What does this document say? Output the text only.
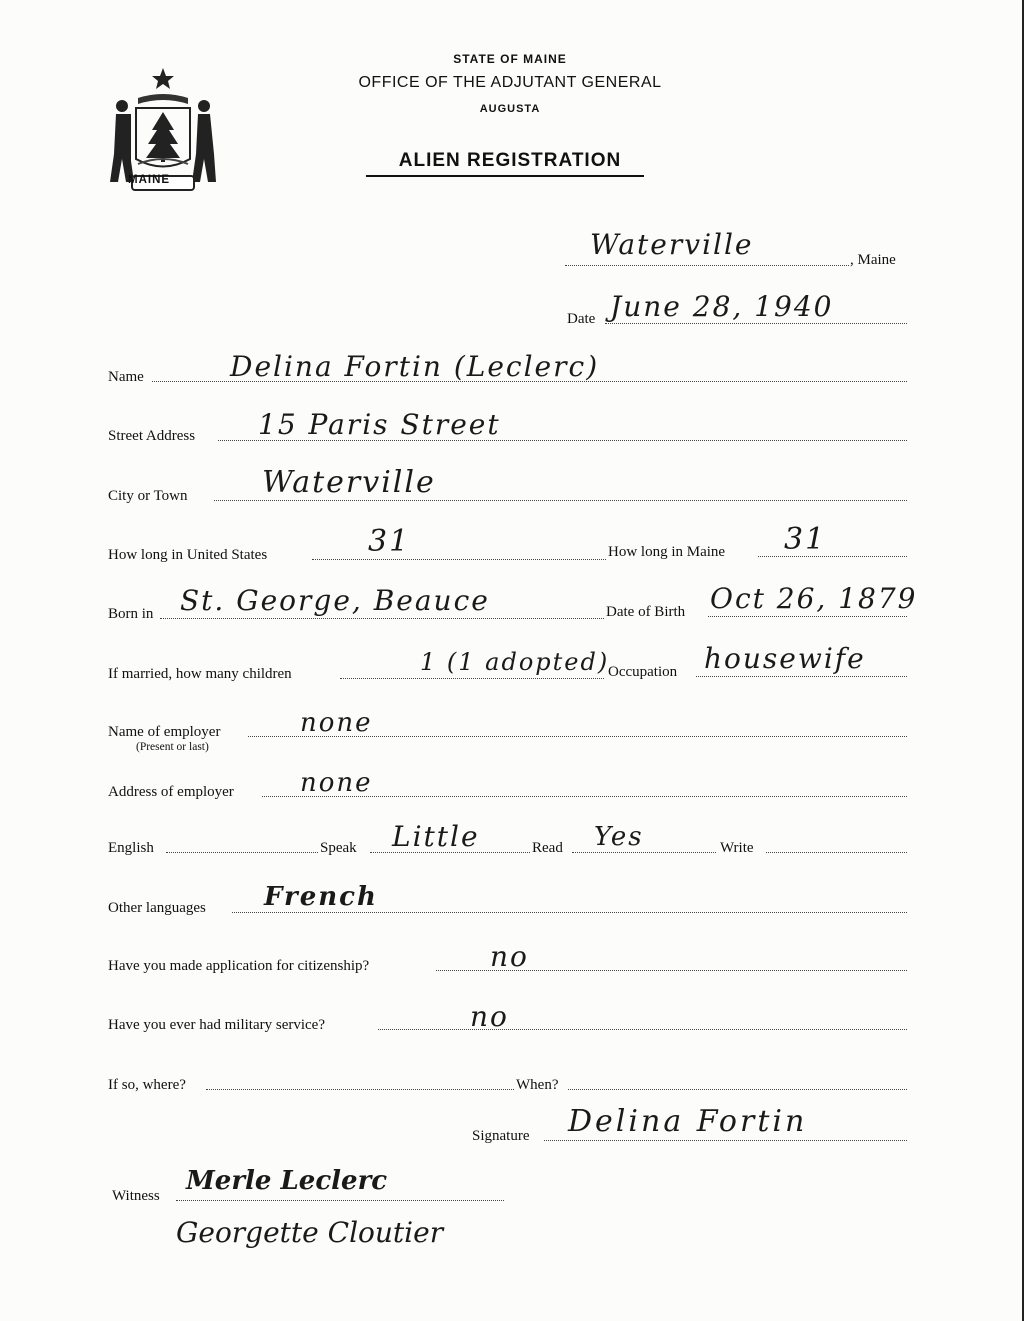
MAINE
STATE OF MAINE
OFFICE OF THE ADJUTANT GENERAL
AUGUSTA
ALIEN REGISTRATION
Waterville	, Maine
Date June 28, 1940
Name	Delina Fortin (Leclerc)
Street Address 15 Paris Street
City or Town Waterville
How long in United States	31	How long in Maine 31
Born in St. George, Beauce	Date of Birth Oct 26, 1879
If married, how many children	1 (1 adopted)
Occupation housewife
Name of employer
(Present or last)
none
Address of employer	none
English	Speak Little	Read Yes	Write
Other languages French
Have you made application for citizenship?	no
Have you ever had military service?	no
If so, where?	When?
Signature Delina Fortin
Witness Merle Leclerc
Georgette Cloutier
